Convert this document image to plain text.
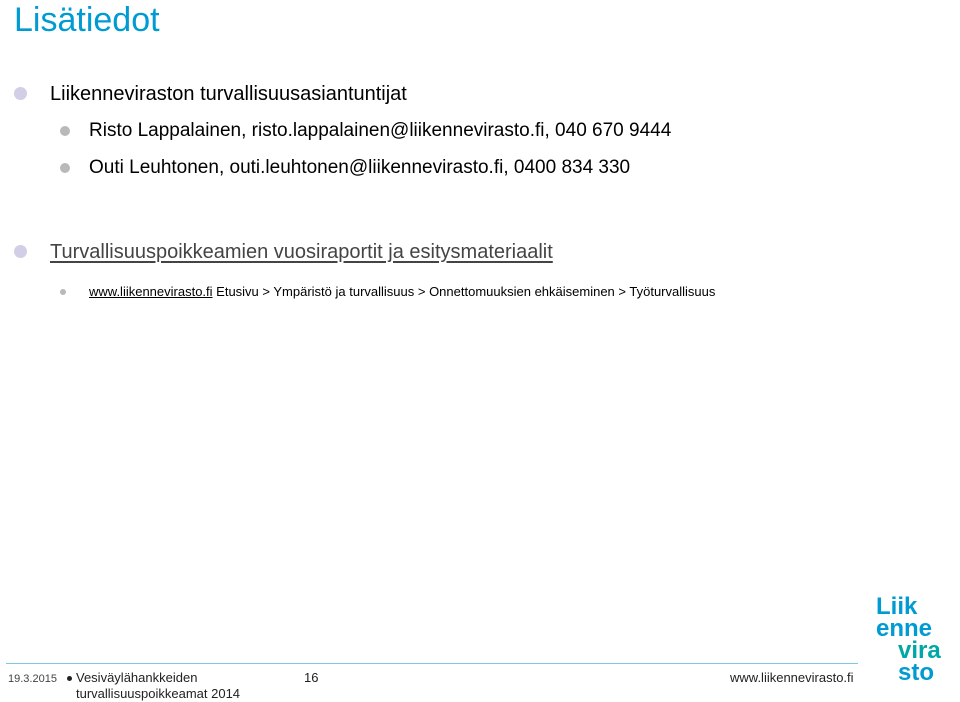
Lisätiedot
Liikenneviraston turvallisuusasiantuntijat
Risto Lappalainen, risto.lappalainen@liikennevirasto.fi, 040 670 9444
Outi Leuhtonen, outi.leuhtonen@liikennevirasto.fi, 0400 834 330
Turvallisuuspoikkeamien vuosiraportit ja esitysmateriaalit
www.liikennevirasto.fi Etusivu > Ympäristö ja turvallisuus > Onnettomuuksien ehkäiseminen > Työturvallisuus
19.3.2015 Vesiväylähankkeiden
turvallisuuspoikkeamat 2014
16	www.liikennevirasto.fi
Liik
enne
vira
sto
